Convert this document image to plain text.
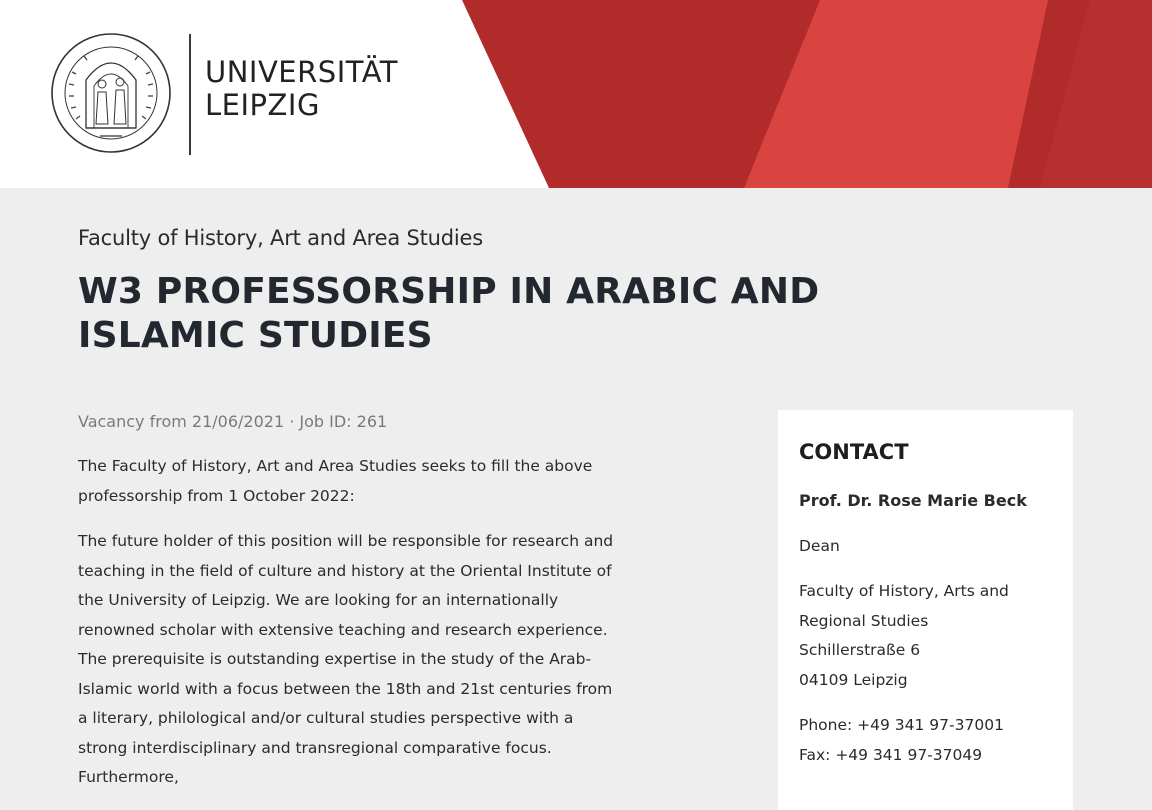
UNIVERSITÄT
LEIPZIG
Faculty of History, Art and Area Studies
W3 PROFESSORSHIP IN ARABIC AND ISLAMIC STUDIES
Vacancy from 21/06/2021 · Job ID: 261

The Faculty of History, Art and Area Studies seeks to fill the above professorship from 1 October 2022:

The future holder of this position will be responsible for research and teaching in the field of culture and history at the Oriental Institute of the University of Leipzig. We are looking for an internationally renowned scholar with extensive teaching and research experience. The prerequisite is outstanding expertise in the study of the Arab-Islamic world with a focus between the 18th and 21st centuries from a literary, philological and/or cultural studies perspective with a strong interdisciplinary and transregional comparative focus. Furthermore,

CONTACT
Prof. Dr. Rose Marie Beck
Dean
Faculty of History, Arts and
Regional Studies
Schillerstraße 6
04109 Leipzig
Phone: +49 341 97-37001
Fax: +49 341 97-37049
